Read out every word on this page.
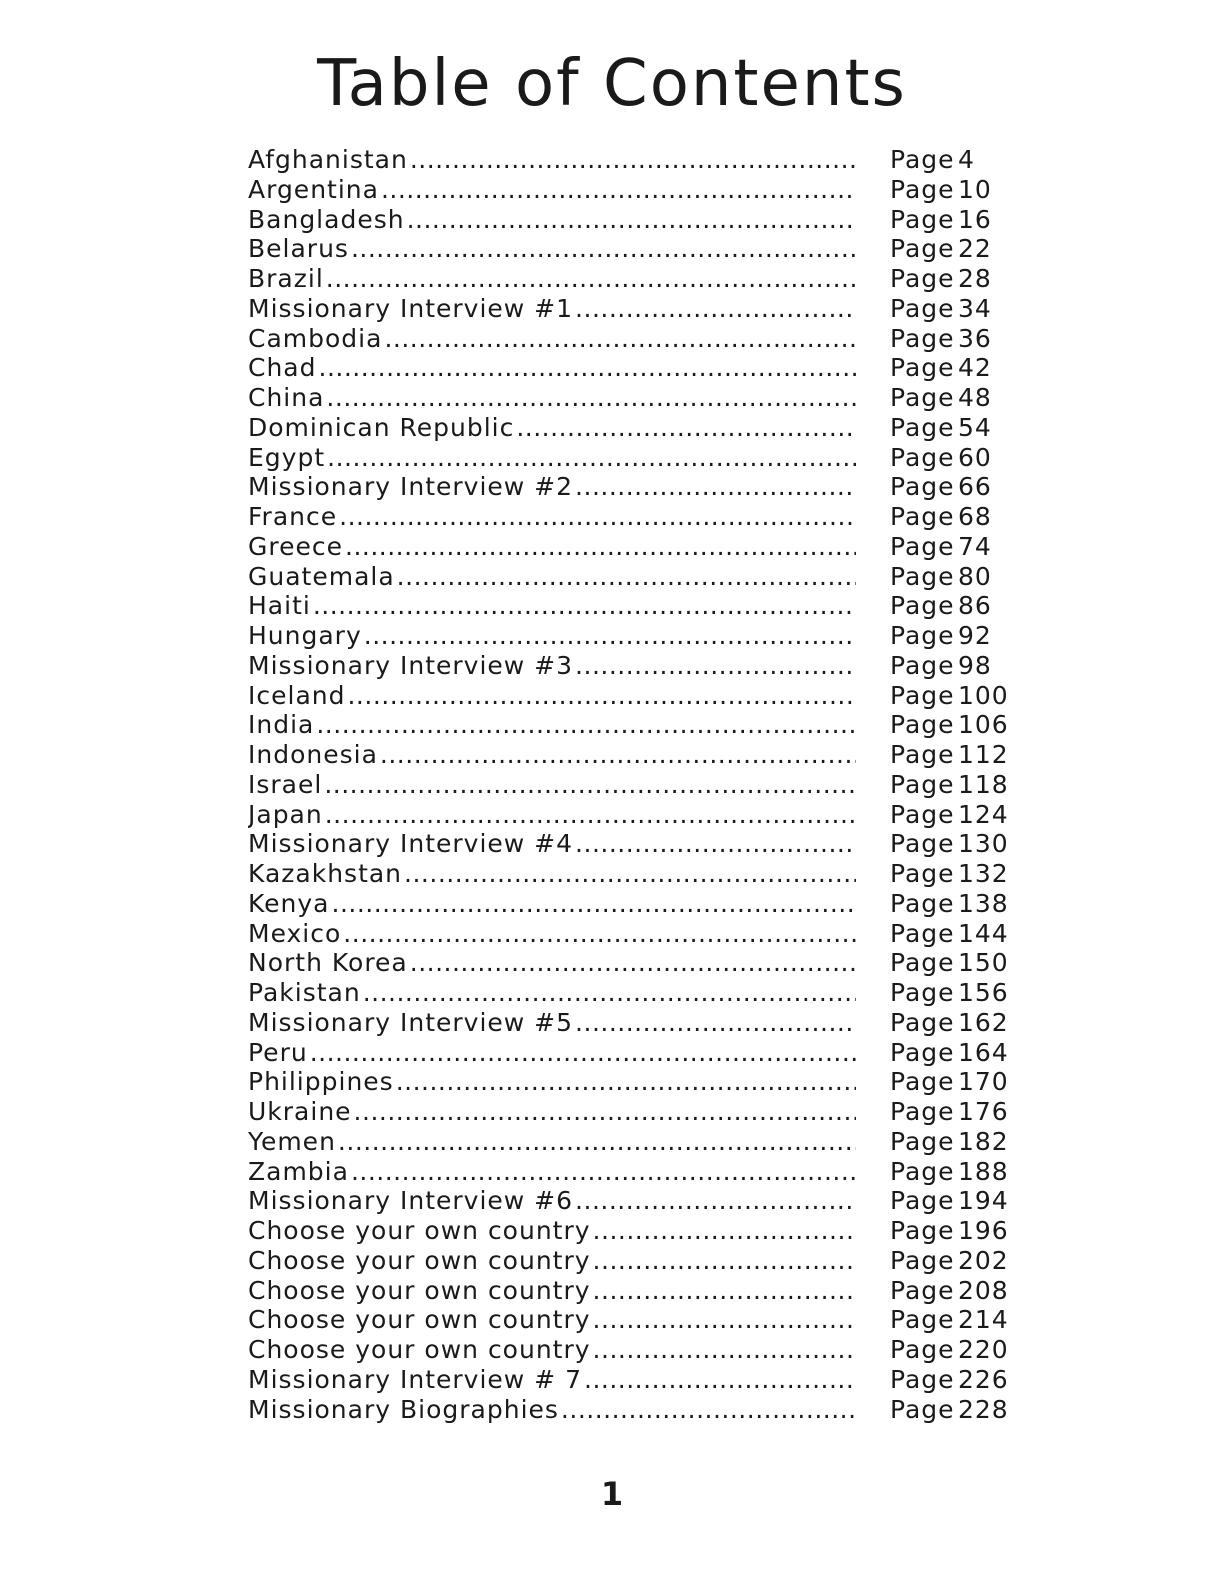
Table of Contents
Afghanistan .....	Page 4
Argentina .....	Page 10
Bangladesh .....	Page 16
Belarus .....	Page 22
Brazil .....	Page 28
Missionary Interview #1 .....	Page 34
Cambodia .....	Page 36
Chad .....	Page 42
China .....	Page 48
Dominican Republic .....	Page 54
Egypt .....	Page 60
Missionary Interview #2 .....	Page 66
France .....	Page 68
Greece .....	Page 74
Guatemala .....	Page 80
Haiti .....	Page 86
Hungary .....	Page 92
Missionary Interview #3 .....	Page 98
Iceland .....	Page 100
India .....	Page 106
Indonesia .....	Page 112
Israel .....	Page 118
Japan .....	Page 124
Missionary Interview #4 .....	Page 130
Kazakhstan .....	Page 132
Kenya .....	Page 138
Mexico .....	Page 144
North Korea .....	Page 150
Pakistan .....	Page 156
Missionary Interview #5 .....	Page 162
Peru .....	Page 164
Philippines .....	Page 170
Ukraine .....	Page 176
Yemen .....	Page 182
Zambia .....	Page 188
Missionary Interview #6 .....	Page 194
Choose your own country .....	Page 196
Choose your own country .....	Page 202
Choose your own country .....	Page 208
Choose your own country .....	Page 214
Choose your own country .....	Page 220
Missionary Interview # 7 .....	Page 226
Missionary Biographies .....	Page 228
1
